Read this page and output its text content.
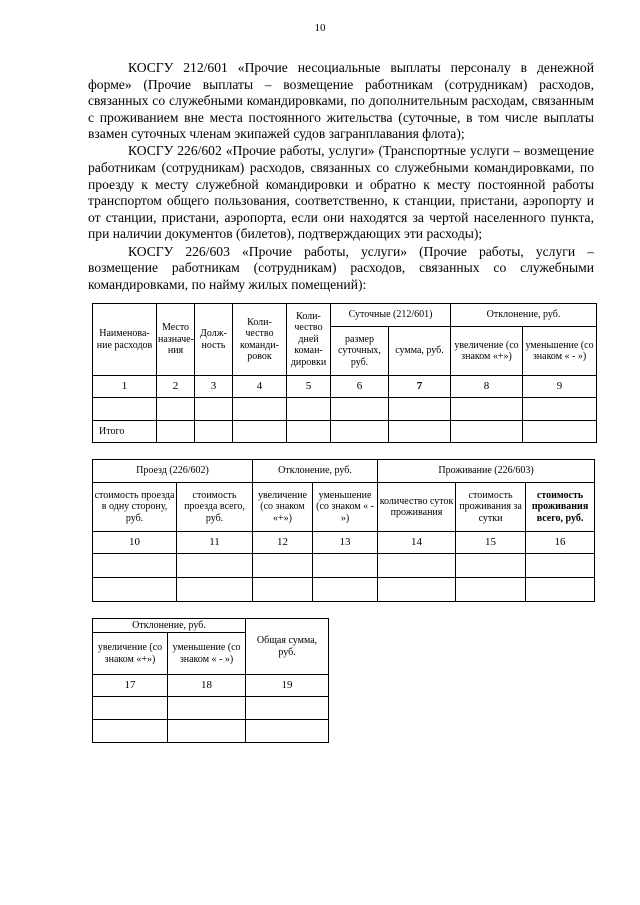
10

КОСГУ 212/601 «Прочие несоциальные выплаты персоналу в денежной форме» (Прочие выплаты – возмещение работникам (сотрудникам) расходов, связанных со служебными командировками, по дополнительным расходам, связанным с проживанием вне места постоянного жительства (суточные, в том числе выплаты взамен суточных членам экипажей судов загранплавания флота);

КОСГУ 226/602 «Прочие работы, услуги» (Транспортные услуги – возмещение работникам (сотрудникам) расходов, связанных со служебными командировками, по проезду к месту служебной командировки и обратно к месту постоянной работы транспортом общего пользования, соответственно, к станции, пристани, аэропорту и от станции, пристани, аэропорта, если они находятся за чертой населенного пункта, при наличии документов (билетов), подтверждающих эти расходы);

КОСГУ 226/603 «Прочие работы, услуги» (Прочие работы, услуги – возмещение работникам (сотрудникам) расходов, связанных со служебными командировками, по найму жилых помещений):

Наименова-ние расходов	Место назначе-ния	Долж-ность	Коли-чество команди-ровок	Коли-чество дней коман-дировки	Суточные (212/601)		Отклонение, руб.	
					размер суточных, руб.	сумма, руб.	увеличение (со знаком «+»)	уменьшение (со знаком « - »)
1	2	3	4	5	6	7	8	9

Итого								
Проезд (226/602)		Отклонение, руб.		Проживание (226/603)		
стоимость проезда в одну сторону, руб.	стоимость проезда всего, руб.	увеличение (со знаком «+»)	уменьшение (со знаком « - »)	количество суток проживания	стоимость проживания за сутки	стоимость проживания всего, руб.
10	11	12	13	14	15	16

Отклонение, руб.		Общая сумма, руб.
увеличение (со знаком «+»)	уменьшение (со знаком « - »)	
17	18	19
